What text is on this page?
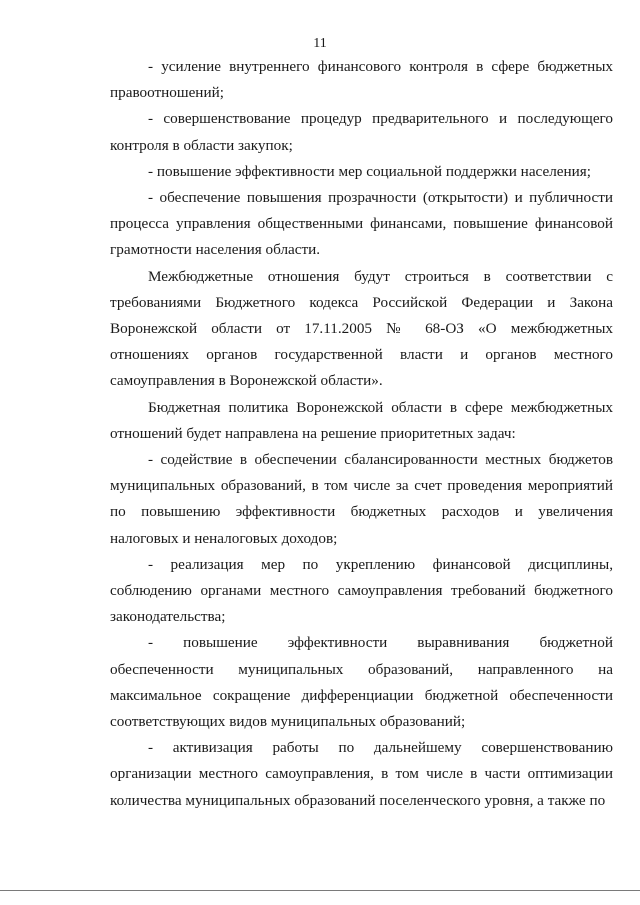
11

- усиление внутреннего финансового контроля в сфере бюджетных правоотношений;

- совершенствование процедур предварительного и последующего контроля в области закупок;

- повышение эффективности мер социальной поддержки населения;

- обеспечение повышения прозрачности (открытости) и публичности процесса управления общественными финансами, повышение финансовой грамотности населения области.

Межбюджетные отношения будут строиться в соответствии с требованиями Бюджетного кодекса Российской Федерации и Закона Воронежской области от 17.11.2005 № 68-ОЗ «О межбюджетных отношениях органов государственной власти и органов местного самоуправления в Воронежской области».

Бюджетная политика Воронежской области в сфере межбюджетных отношений будет направлена на решение приоритетных задач:

- содействие в обеспечении сбалансированности местных бюджетов муниципальных образований, в том числе за счет проведения мероприятий по повышению эффективности бюджетных расходов и увеличения налоговых и неналоговых доходов;

- реализация мер по укреплению финансовой дисциплины, соблюдению органами местного самоуправления требований бюджетного законодательства;

- повышение эффективности выравнивания бюджетной обеспеченности муниципальных образований, направленного на максимальное сокращение дифференциации бюджетной обеспеченности соответствующих видов муниципальных образований;

- активизация работы по дальнейшему совершенствованию организации местного самоуправления, в том числе в части оптимизации количества муниципальных образований поселенческого уровня, а также по
